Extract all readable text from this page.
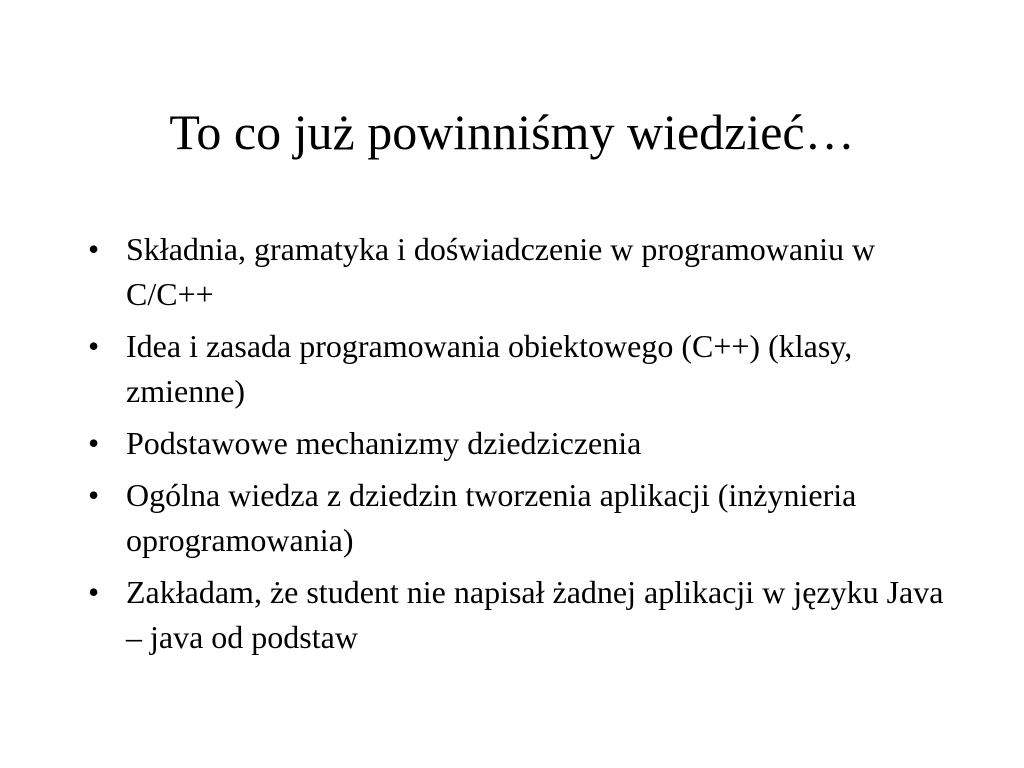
To co już powinniśmy wiedzieć…
• Składnia, gramatyka i doświadczenie w programowaniu w C/C++
• Idea i zasada programowania obiektowego (C++) (klasy, zmienne)
• Podstawowe mechanizmy dziedziczenia
• Ogólna wiedza z dziedzin tworzenia aplikacji (inżynieria oprogramowania)
• Zakładam, że student nie napisał żadnej aplikacji w języku Java – java od podstaw
